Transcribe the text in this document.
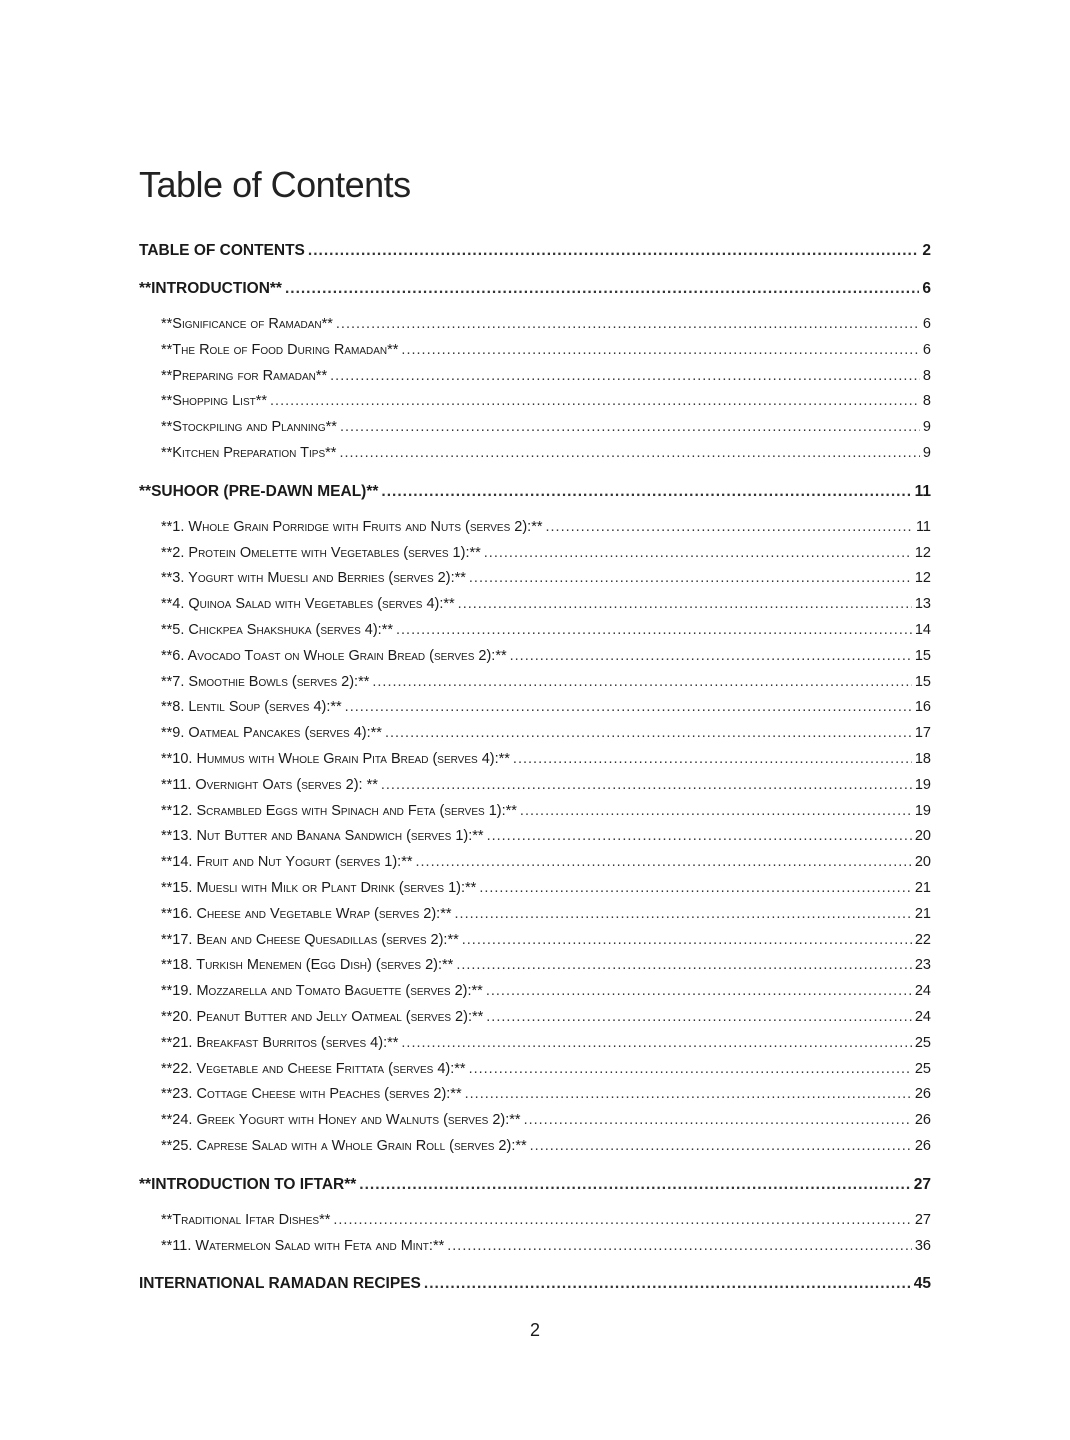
Table of Contents
TABLE OF CONTENTS .....	2
**INTRODUCTION** .....	6
**Significance of Ramadan** .....	6
**The Role of Food During Ramadan** .....	6
**Preparing for Ramadan** .....	8
**Shopping List** .....	8
**Stockpiling and Planning** .....	9
**Kitchen Preparation Tips** .....	9
**SUHOOR (PRE-DAWN MEAL)** .....	11
**1. Whole Grain Porridge with Fruits and Nuts (serves 2):** .....	11
**2. Protein Omelette with Vegetables (serves 1):** .....	12
**3. Yogurt with Muesli and Berries (serves 2):** .....	12
**4. Quinoa Salad with Vegetables (serves 4):** .....	13
**5. Chickpea Shakshuka (serves 4):** .....	14
**6. Avocado Toast on Whole Grain Bread (serves 2):** .....	15
**7. Smoothie Bowls (serves 2):** .....	15
**8. Lentil Soup (serves 4):** .....	16
**9. Oatmeal Pancakes (serves 4):** .....	17
**10. Hummus with Whole Grain Pita Bread (serves 4):** .....	18
**11. Overnight Oats (serves 2): ** .....	19
**12. Scrambled Eggs with Spinach and Feta (serves 1):** .....	19
**13. Nut Butter and Banana Sandwich (serves 1):** .....	20
**14. Fruit and Nut Yogurt (serves 1):** .....	20
**15. Muesli with Milk or Plant Drink (serves 1):** .....	21
**16. Cheese and Vegetable Wrap (serves 2):** .....	21
**17. Bean and Cheese Quesadillas (serves 2):** .....	22
**18. Turkish Menemen (Egg Dish) (serves 2):** .....	23
**19. Mozzarella and Tomato Baguette (serves 2):** .....	24
**20. Peanut Butter and Jelly Oatmeal (serves 2):** .....	24
**21. Breakfast Burritos (serves 4):** .....	25
**22. Vegetable and Cheese Frittata (serves 4):** .....	25
**23. Cottage Cheese with Peaches (serves 2):** .....	26
**24. Greek Yogurt with Honey and Walnuts (serves 2):** .....	26
**25. Caprese Salad with a Whole Grain Roll (serves 2):** .....	26
**INTRODUCTION TO IFTAR** .....	27
**Traditional Iftar Dishes** .....	27
**11. Watermelon Salad with Feta and Mint:** .....	36
INTERNATIONAL RAMADAN RECIPES .....	45
2
